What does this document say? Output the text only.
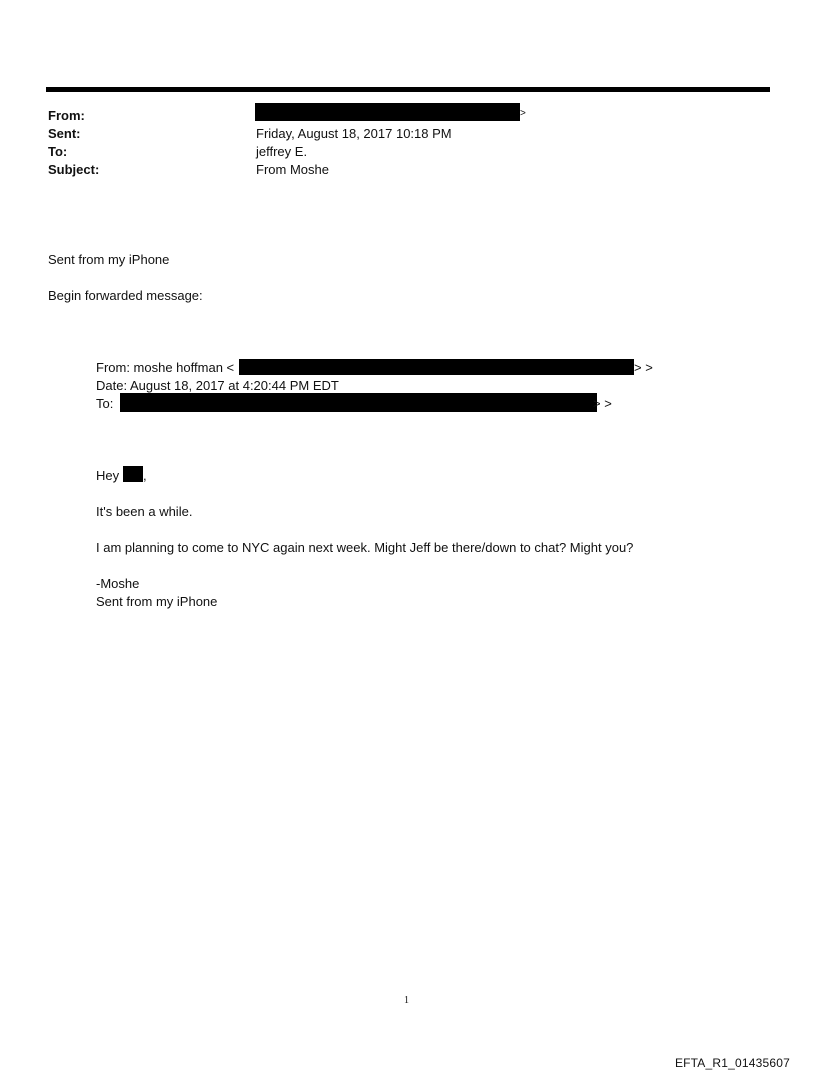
From:	>
Sent:	Friday, August 18, 2017 10:18 PM
To:	jeffrey E.
Subject:	From Moshe
Sent from my iPhone
Begin forwarded message:
From: moshe hoffman <	> >
Date: August 18, 2017 at 4:20:44 PM EDT
To:	> >
Hey ,
It's been a while.
I am planning to come to NYC again next week. Might Jeff be there/down to chat? Might you?
-Moshe
Sent from my iPhone
1
EFTA_R1_01435607
